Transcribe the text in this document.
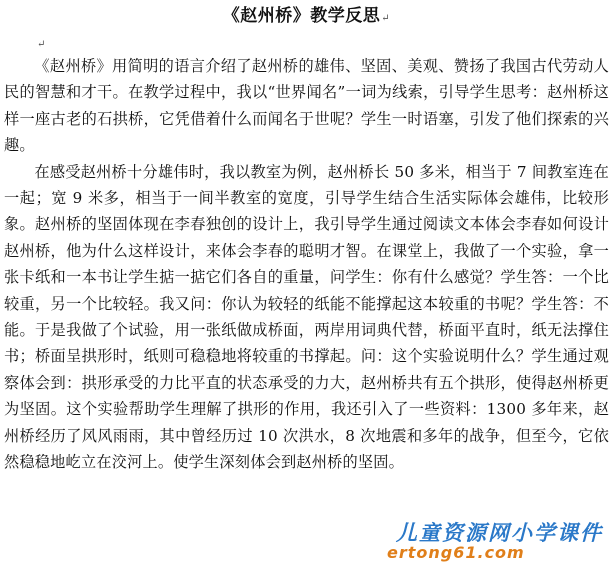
《赵州桥》教学反思↵
↵

《赵州桥》用简明的语言介绍了赵州桥的雄伟、坚固、美观、赞扬了我国古代劳动人民的智慧和才干。在教学过程中，我以“世界闻名”一词为线索，引导学生思考：赵州桥这样一座古老的石拱桥，它凭借着什么而闻名于世呢？学生一时语塞，引发了他们探索的兴趣。

在感受赵州桥十分雄伟时，我以教室为例，赵州桥长 50 多米，相当于 7 间教室连在一起；宽 9 米多，相当于一间半教室的宽度，引导学生结合生活实际体会雄伟，比较形象。赵州桥的坚固体现在李春独创的设计上，我引导学生通过阅读文本体会李春如何设计赵州桥，他为什么这样设计，来体会李春的聪明才智。在课堂上，我做了一个实验，拿一张卡纸和一本书让学生掂一掂它们各自的重量，问学生：你有什么感觉？学生答：一个比较重，另一个比较轻。我又问：你认为较轻的纸能不能撑起这本较重的书呢？学生答：不能。于是我做了个试验，用一张纸做成桥面，两岸用词典代替，桥面平直时，纸无法撑住书；桥面呈拱形时，纸则可稳稳地将较重的书撑起。问：这个实验说明什么？学生通过观察体会到：拱形承受的力比平直的状态承受的力大，赵州桥共有五个拱形，使得赵州桥更为坚固。这个实验帮助学生理解了拱形的作用，我还引入了一些资料：1300 多年来，赵州桥经历了风风雨雨，其中曾经历过 10 次洪水，8 次地震和多年的战争，但至今，它依然稳稳地屹立在洨河上。使学生深刻体会到赵州桥的坚固。

儿童资源网小学课件
ertong61.com
